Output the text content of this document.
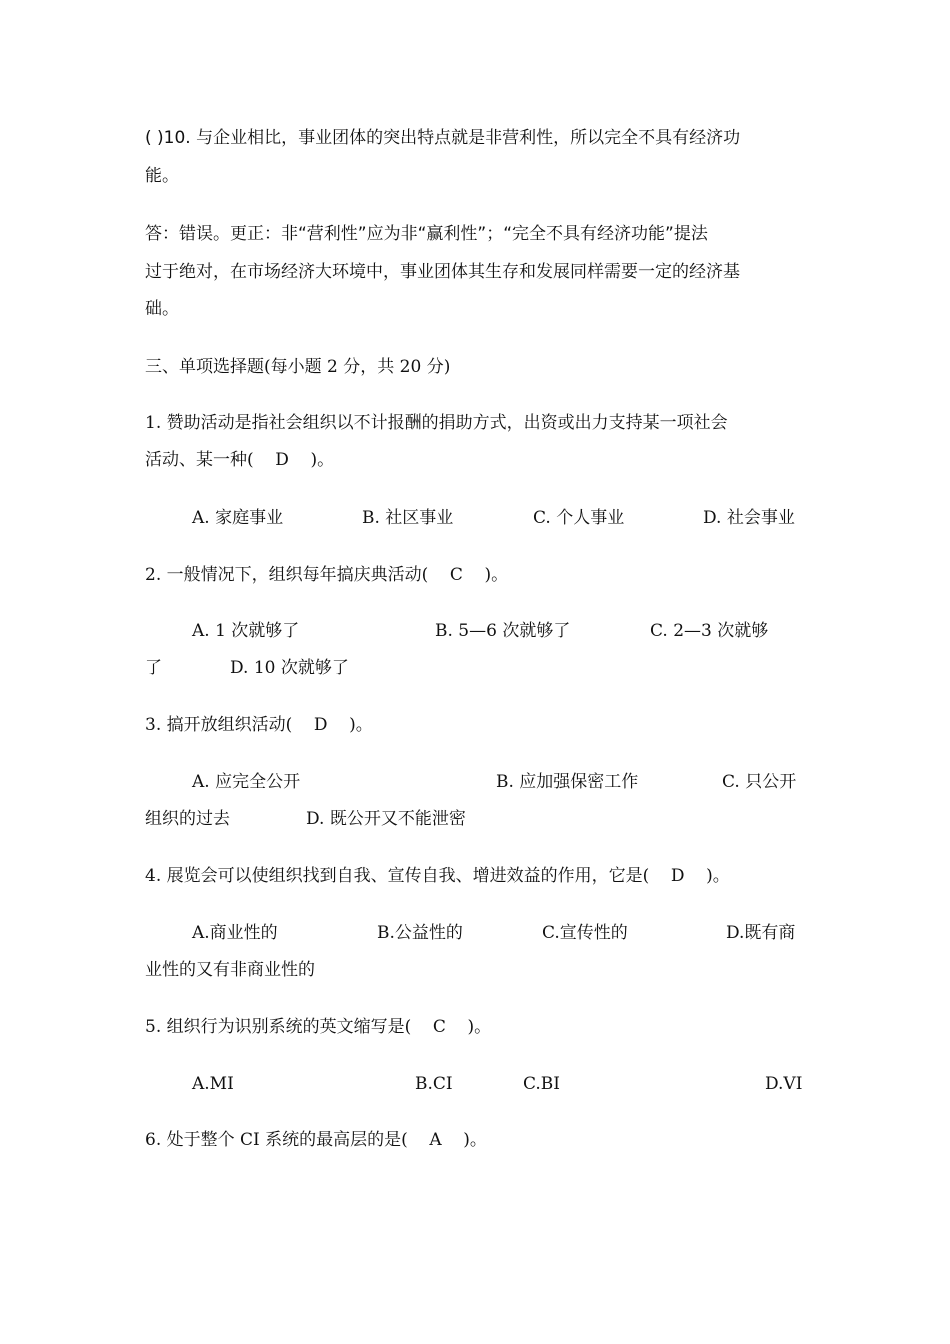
( )10. 与企业相比，事业团体的突出特点就是非营利性，所以完全不具有经济功
能。
答：错误。更正：非“营利性”应为非“赢利性”；“完全不具有经济功能”提法
过于绝对，在市场经济大环境中，事业团体其生存和发展同样需要一定的经济基
础。
三、单项选择题(每小题 2 分，共 20 分)
1. 赞助活动是指社会组织以不计报酬的捐助方式，出资或出力支持某一项社会
活动、某一种(    D    )。
A. 家庭事业	B. 社区事业	C. 个人事业	D. 社会事业
2. 一般情况下，组织每年搞庆典活动(    C    )。
A. 1 次就够了	B. 5—6 次就够了	C. 2—3 次就够
了	D. 10 次就够了
3. 搞开放组织活动(    D    )。
A. 应完全公开	B. 应加强保密工作	C. 只公开
组织的过去	D. 既公开又不能泄密
4. 展览会可以使组织找到自我、宣传自我、增进效益的作用，它是(    D    )。
A.商业性的	B.公益性的	C.宣传性的	D.既有商
业性的又有非商业性的
5. 组织行为识别系统的英文缩写是(    C    )。
A.MI	B.CI	C.BI	D.VI
6. 处于整个 CI 系统的最高层的是(    A    )。
